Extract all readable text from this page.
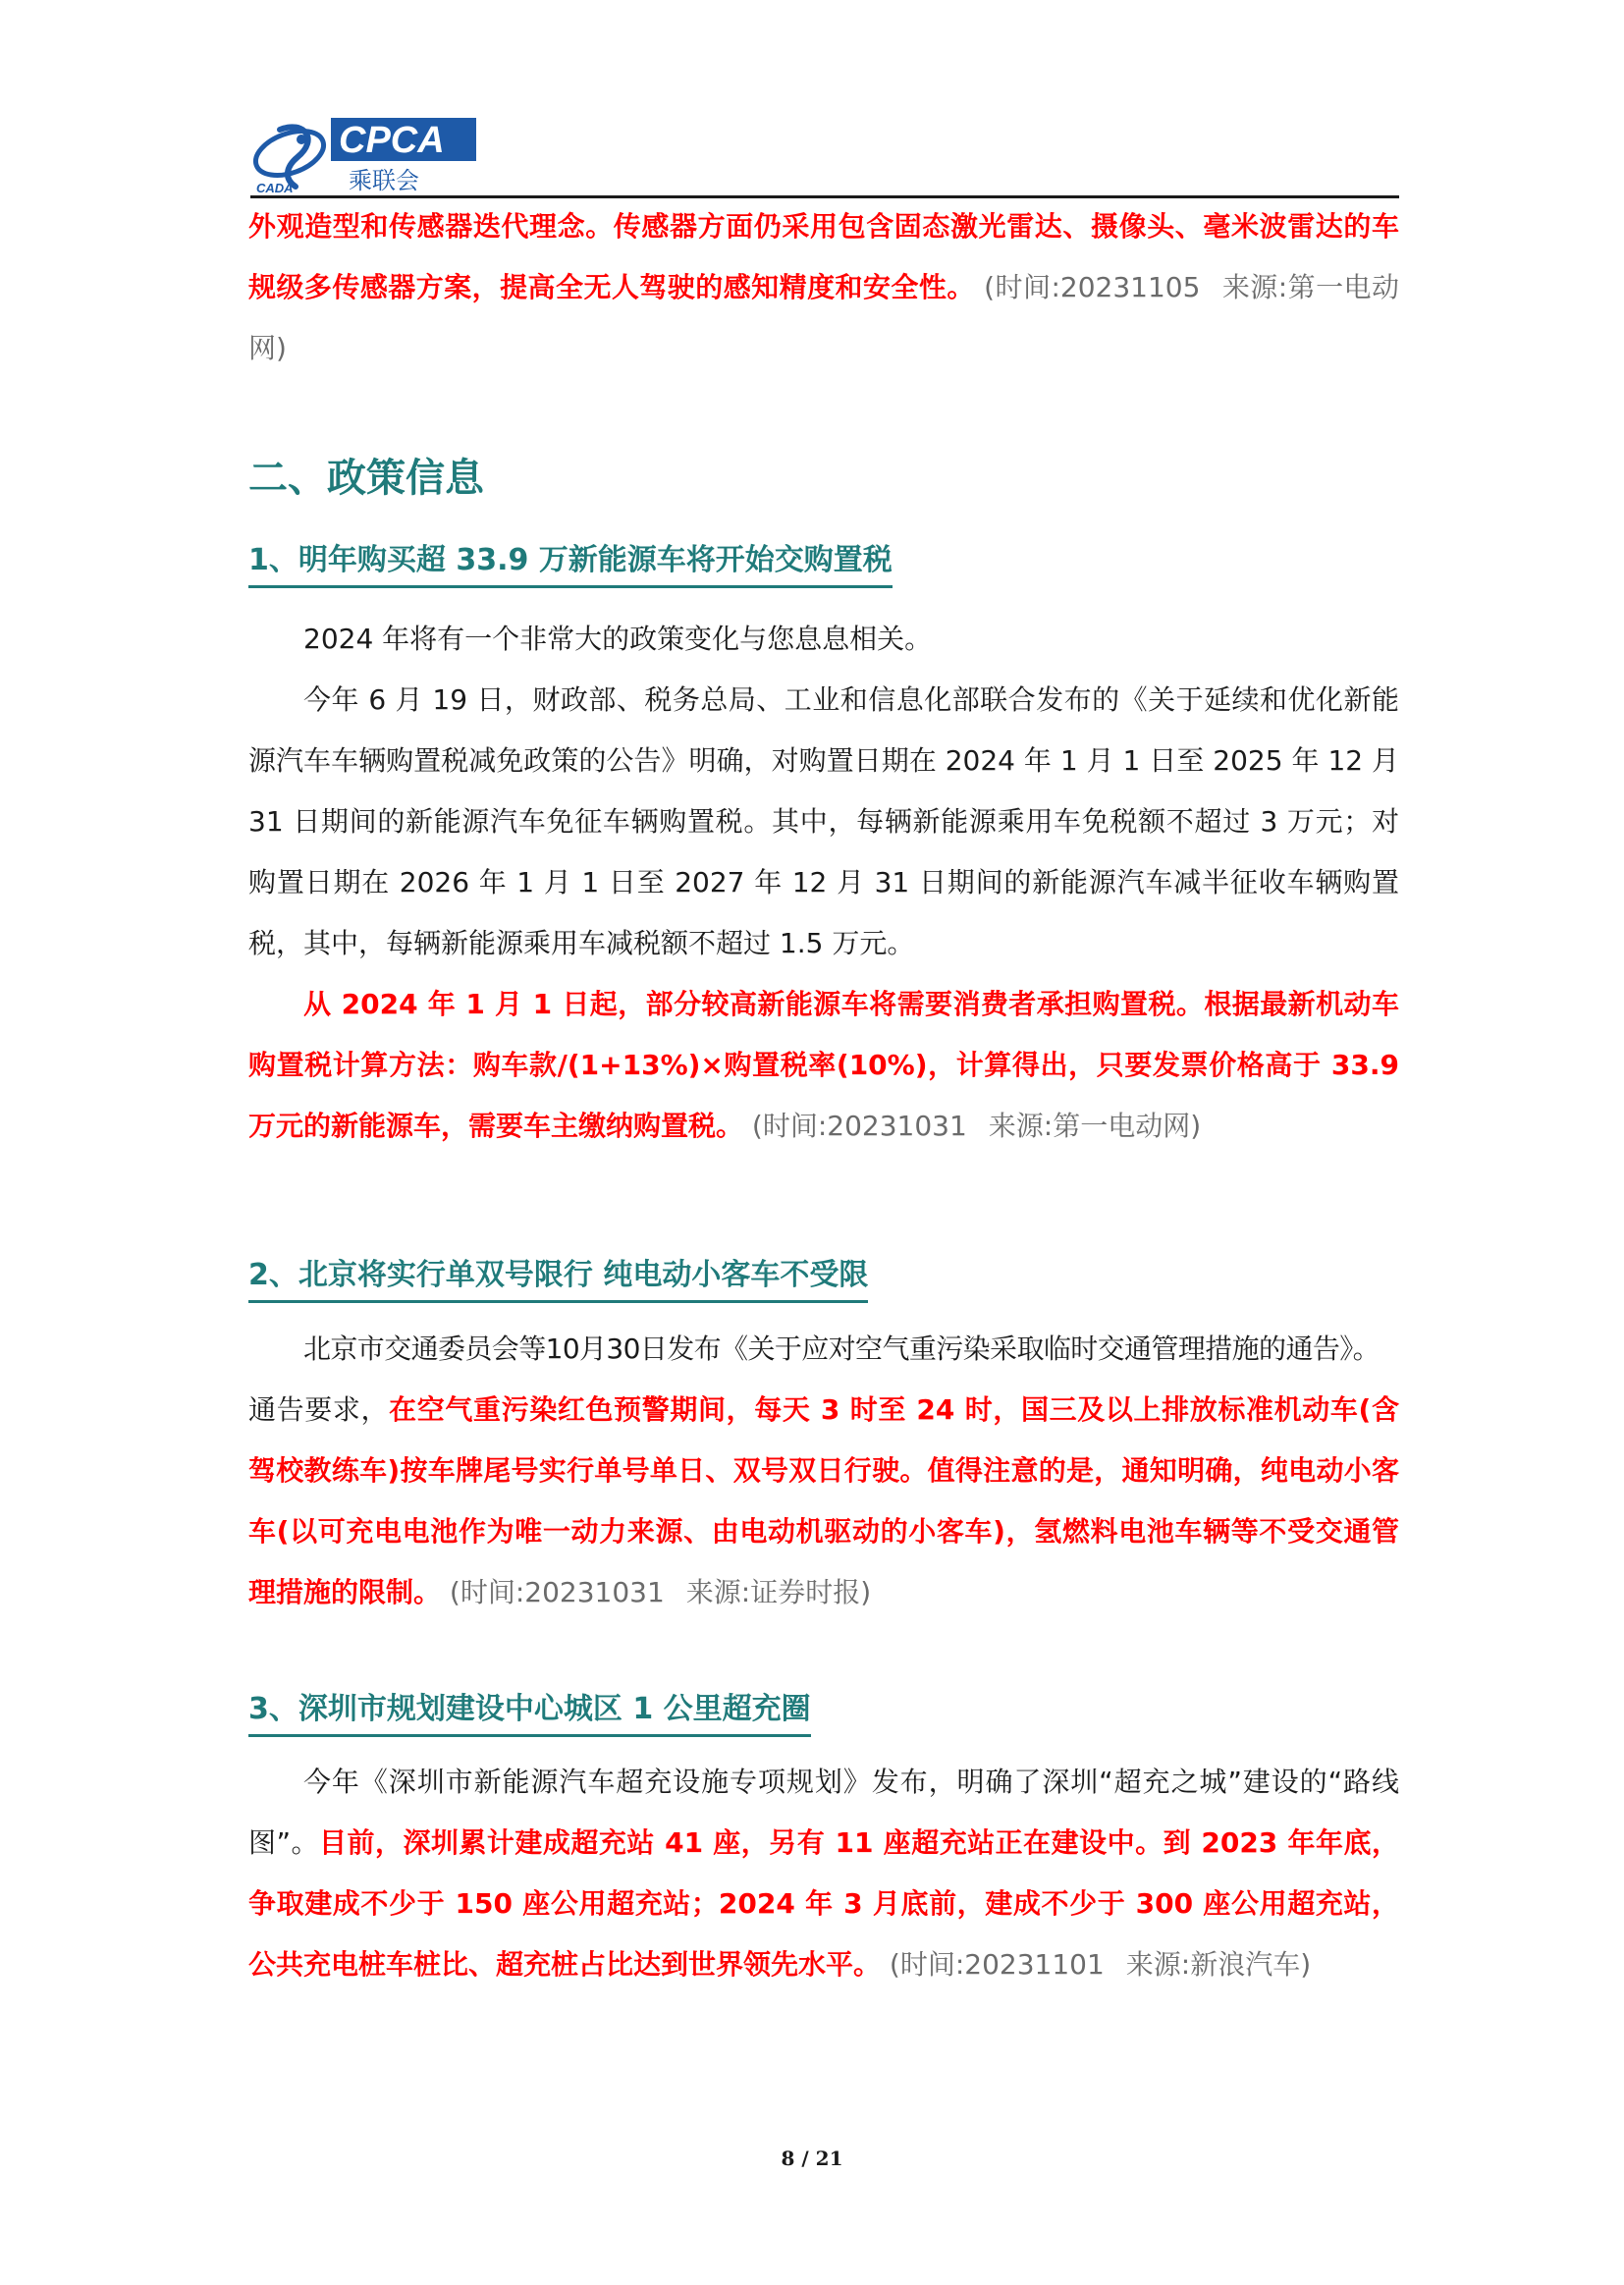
CPCA
乘联会
CADA

外观造型和传感器迭代理念。传感器方面仍采用包含固态激光雷达、摄像头、毫米波雷达的车规级多传感器方案，提高全无人驾驶的感知精度和安全性。 (时间:20231105 来源:第一电动网)

二、政策信息
1、明年购买超 33.9 万新能源车将开始交购置税

2024 年将有一个非常大的政策变化与您息息相关。

今年 6 月 19 日，财政部、税务总局、工业和信息化部联合发布的《关于延续和优化新能源汽车车辆购置税减免政策的公告》明确，对购置日期在 2024 年 1 月 1 日至 2025 年 12 月 31 日期间的新能源汽车免征车辆购置税。其中，每辆新能源乘用车免税额不超过 3 万元；对购置日期在 2026 年 1 月 1 日至 2027 年 12 月 31 日期间的新能源汽车减半征收车辆购置税，其中，每辆新能源乘用车减税额不超过 1.5 万元。

从 2024 年 1 月 1 日起，部分较高新能源车将需要消费者承担购置税。根据最新机动车购置税计算方法：购车款/(1+13%)×购置税率(10%)，计算得出，只要发票价格高于 33.9 万元的新能源车，需要车主缴纳购置税。 (时间:20231031 来源:第一电动网)

2、北京将实行单双号限行 纯电动小客车不受限

北京市交通委员会等10月30日发布《关于应对空气重污染采取临时交通管理措施的通告》。

通告要求，在空气重污染红色预警期间，每天 3 时至 24 时，国三及以上排放标准机动车(含驾校教练车)按车牌尾号实行单号单日、双号双日行驶。值得注意的是，通知明确，纯电动小客车(以可充电电池作为唯一动力来源、由电动机驱动的小客车)，氢燃料电池车辆等不受交通管理措施的限制。 (时间:20231031 来源:证券时报)

3、深圳市规划建设中心城区 1 公里超充圈

今年《深圳市新能源汽车超充设施专项规划》发布，明确了深圳“超充之城”建设的“路线图”。目前，深圳累计建成超充站 41 座，另有 11 座超充站正在建设中。到 2023 年年底，争取建成不少于 150 座公用超充站；2024 年 3 月底前，建成不少于 300 座公用超充站，公共充电桩车桩比、超充桩占比达到世界领先水平。 (时间:20231101 来源:新浪汽车)

8 / 21
